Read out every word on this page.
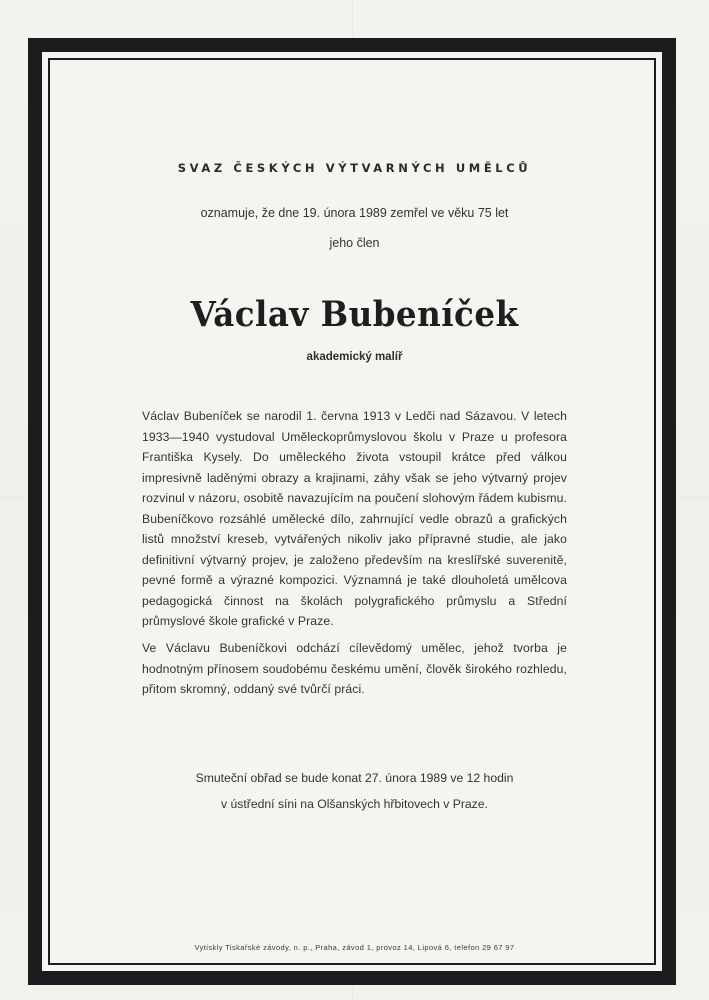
SVAZ ČESKÝCH VÝTVARNÝCH UMĚLCŮ
oznamuje, že dne 19. února 1989 zemřel ve věku 75 let
jeho člen
Václav Bubeníček
akademický malíř

Václav Bubeníček se narodil 1. června 1913 v Ledči nad Sázavou. V letech 1933—1940 vystudoval Uměleckoprůmyslovou školu v Praze u profesora Františka Kysely. Do uměleckého života vstoupil krátce před válkou impresivně laděnými obrazy a krajinami, záhy však se jeho výtvarný projev rozvinul v názoru, osobitě navazujícím na poučení slohovým řádem kubismu. Bubeníčkovo rozsáhlé umělecké dílo, zahrnující vedle obrazů a grafických listů množství kreseb, vytvářených nikoliv jako přípravné studie, ale jako definitivní výtvarný projev, je založeno především na kreslířské suverenitě, pevné formě a výrazné kompozici. Významná je také dlouholetá umělcova pedagogická činnost na školách polygrafického průmyslu a Střední průmyslové škole grafické v Praze.

Ve Václavu Bubeníčkovi odchází cílevědomý umělec, jehož tvorba je hodnotným přínosem soudobému českému umění, člověk širokého rozhledu, přitom skromný, oddaný své tvůrčí práci.

Smuteční obřad se bude konat 27. února 1989 ve 12 hodin
v ústřední síni na Olšanských hřbitovech v Praze.
Vytiskly Tiskařské závody, n. p., Praha, závod 1, provoz 14, Lipová 6, telefon 29 67 97
